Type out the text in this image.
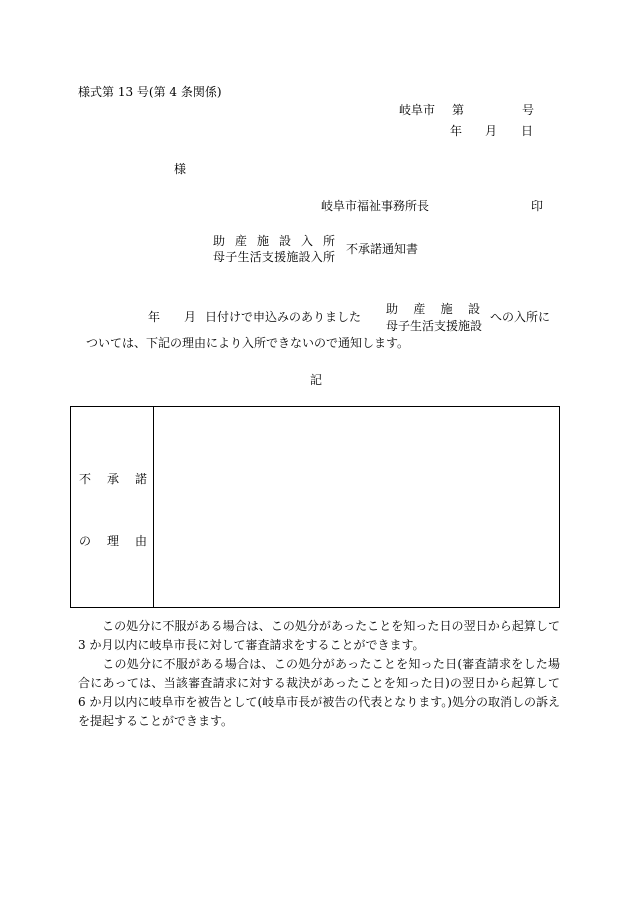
様式第 13 号(第 4 条関係)
岐阜市 第	号
年 月 日
様
岐阜市福祉事務所長	印
助 産 施 設 入 所
母子生活支援施設入所
不承諾通知書
年 月 日付けで申込みのありました
助 産 施 設
母子生活支援施設
への入所に
ついては、下記の理由により入所できないので通知します。
記
不承諾
の理由
この処分に不服がある場合は、この処分があったことを知った日の翌日から起算して 3 か月以内に岐阜市長に対して審査請求をすることができます。
この処分に不服がある場合は、この処分があったことを知った日(審査請求をした場合にあっては、当該審査請求に対する裁決があったことを知った日)の翌日から起算して 6 か月以内に岐阜市を被告として(岐阜市長が被告の代表となります。)処分の取消しの訴えを提起することができます。
